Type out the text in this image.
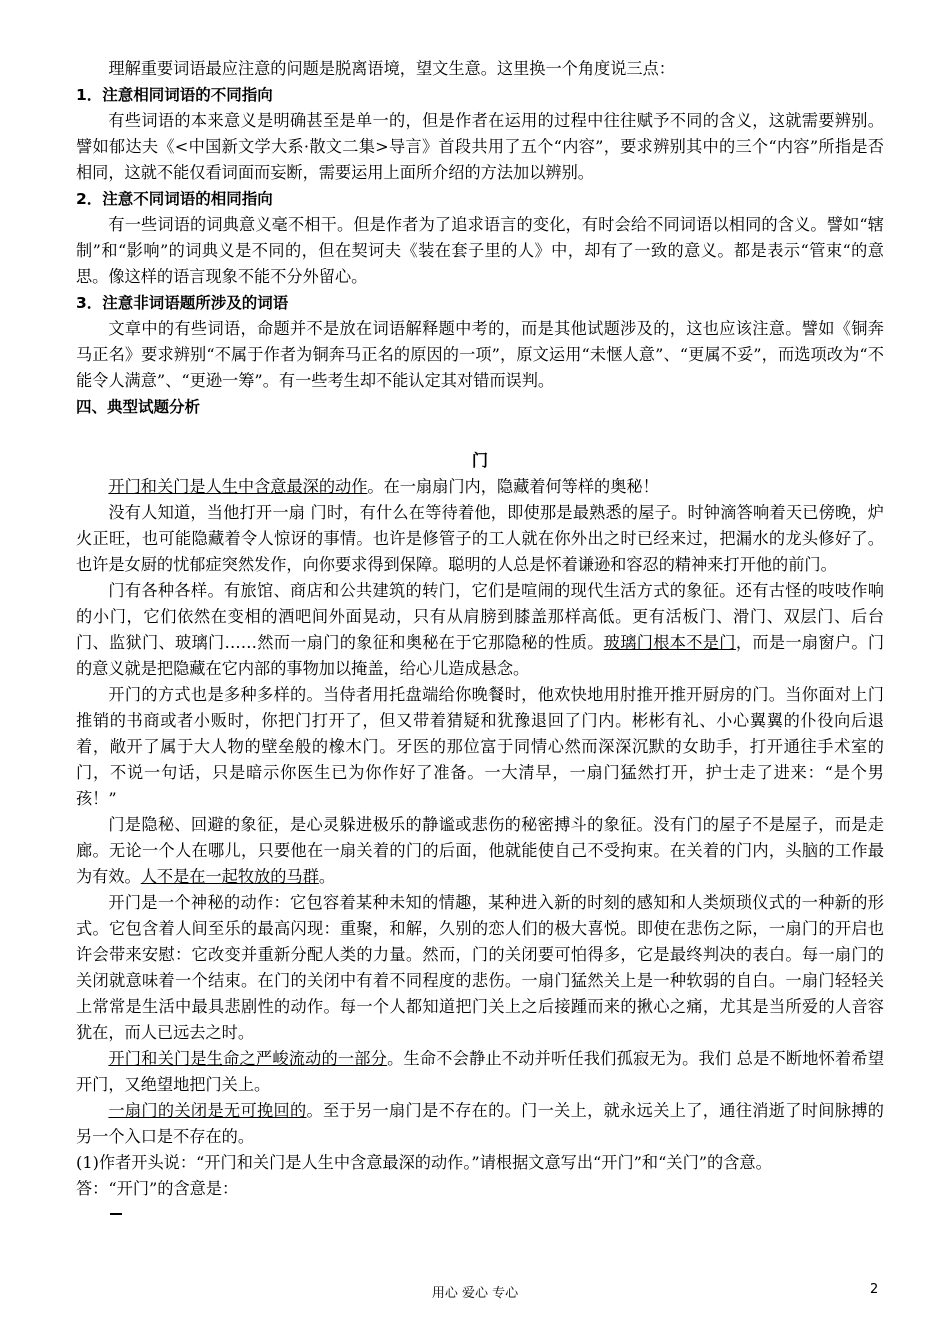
理解重要词语最应注意的问题是脱离语境，望文生意。这里换一个角度说三点：

1．注意相同词语的不同指向

有些词语的本来意义是明确甚至是单一的，但是作者在运用的过程中往往赋予不同的含义，这就需要辨别。譬如郁达夫《<中国新文学大系·散文二集>导言》首段共用了五个“内容”，要求辨别其中的三个“内容”所指是否相同，这就不能仅看词面而妄断，需要运用上面所介绍的方法加以辨别。

2．注意不同词语的相同指向

有一些词语的词典意义毫不相干。但是作者为了追求语言的变化，有时会给不同词语以相同的含义。譬如“辖制”和“影响”的词典义是不同的，但在契诃夫《装在套子里的人》中，却有了一致的意义。都是表示“管束“的意思。像这样的语言现象不能不分外留心。

3．注意非词语题所涉及的词语

文章中的有些词语，命题并不是放在词语解释题中考的，而是其他试题涉及的，这也应该注意。譬如《铜奔马正名》要求辨别“不属于作者为铜奔马正名的原因的一项”，原文运用“未惬人意”、“更属不妥”，而选项改为“不能令人满意”、“更逊一筹”。有一些考生却不能认定其对错而误判。

四、典型试题分析

门

开门和关门是人生中含意最深的动作。在一扇扇门内，隐藏着何等样的奥秘！

没有人知道，当他打开一扇 门时，有什么在等待着他，即使那是最熟悉的屋子。时钟滴答响着天已傍晚，炉火正旺，也可能隐藏着令人惊讶的事情。也许是修管子的工人就在你外出之时已经来过，把漏水的龙头修好了。也许是女厨的忧郁症突然发作，向你要求得到保障。聪明的人总是怀着谦逊和容忍的精神来打开他的前门。

门有各种各样。有旅馆、商店和公共建筑的转门，它们是喧闹的现代生活方式的象征。还有古怪的吱吱作响的小门，它们依然在变相的酒吧间外面晃动，只有从肩膀到膝盖那样高低。更有活板门、滑门、双层门、后台门、监狱门、玻璃门……然而一扇门的象征和奥秘在于它那隐秘的性质。玻璃门根本不是门，而是一扇窗户。门的意义就是把隐藏在它内部的事物加以掩盖，给心儿造成悬念。

开门的方式也是多种多样的。当侍者用托盘端给你晚餐时，他欢快地用肘推开推开厨房的门。当你面对上门推销的书商或者小贩时，你把门打开了，但又带着猜疑和犹豫退回了门内。彬彬有礼、小心翼翼的仆役向后退着，敞开了属于大人物的壁垒般的橡木门。牙医的那位富于同情心然而深深沉默的女助手，打开通往手术室的门，不说一句话，只是暗示你医生已为你作好了准备。一大清早，一扇门猛然打开，护士走了进来：“是个男孩！”

门是隐秘、回避的象征，是心灵躲进极乐的静谧或悲伤的秘密搏斗的象征。没有门的屋子不是屋子，而是走廊。无论一个人在哪儿，只要他在一扇关着的门的后面，他就能使自己不受拘束。在关着的门内，头脑的工作最为有效。人不是在一起牧放的马群。

开门是一个神秘的动作：它包容着某种未知的情趣，某种进入新的时刻的感知和人类烦琐仪式的一种新的形式。它包含着人间至乐的最高闪现：重聚，和解，久别的恋人们的极大喜悦。即使在悲伤之际，一扇门的开启也许会带来安慰：它改变并重新分配人类的力量。然而，门的关闭要可怕得多，它是最终判决的表白。每一扇门的关闭就意味着一个结束。在门的关闭中有着不同程度的悲伤。一扇门猛然关上是一种软弱的自白。一扇门轻轻关上常常是生活中最具悲剧性的动作。每一个人都知道把门关上之后接踵而来的揪心之痛，尤其是当所爱的人音容犹在，而人已远去之时。

开门和关门是生命之严峻流动的一部分。生命不会静止不动并听任我们孤寂无为。我们 总是不断地怀着希望开门，又绝望地把门关上。

一扇门的关闭是无可挽回的。至于另一扇门是不存在的。门一关上，就永远关上了，通往消逝了时间脉搏的另一个入口是不存在的。

(1)作者开头说：“开门和关门是人生中含意最深的动作。”请根据文意写出“开门”和“关门”的含意。

答：“开门”的含意是：

用心 爱心 专心	2
